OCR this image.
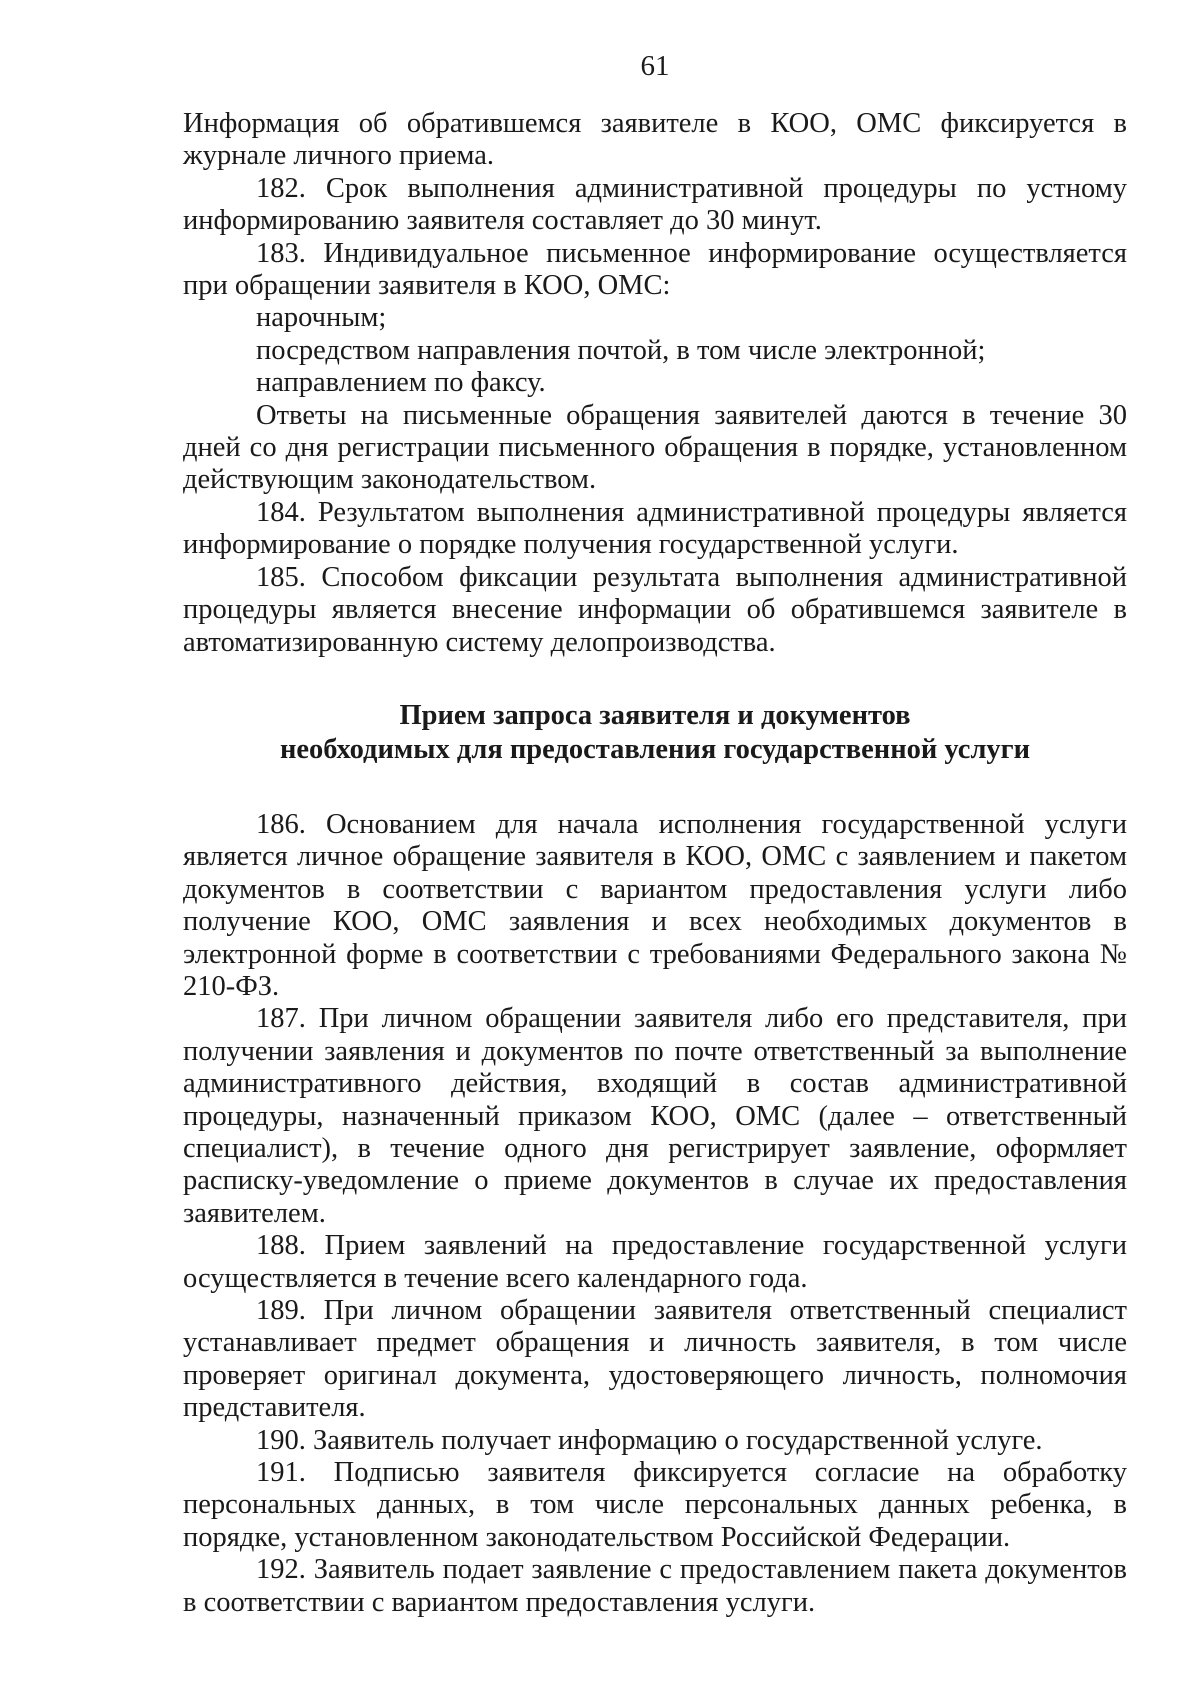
61

Информация об обратившемся заявителе в КОО, ОМС фиксируется в журнале личного приема.

182. Срок выполнения административной процедуры по устному информированию заявителя составляет до 30 минут.

183. Индивидуальное письменное информирование осуществляется при обращении заявителя в КОО, ОМС:

нарочным;

посредством направления почтой, в том числе электронной;

направлением по факсу.

Ответы на письменные обращения заявителей даются в течение 30 дней со дня регистрации письменного обращения в порядке, установленном действующим законодательством.

184. Результатом выполнения административной процедуры является информирование о порядке получения государственной услуги.

185. Способом фиксации результата выполнения административной процедуры является внесение информации об обратившемся заявителе в автоматизированную систему делопроизводства.

Прием запроса заявителя и документов
необходимых для предоставления государственной услуги

186. Основанием для начала исполнения государственной услуги является личное обращение заявителя в КОО, ОМС с заявлением и пакетом документов в соответствии с вариантом предоставления услуги либо получение КОО, ОМС заявления и всех необходимых документов в электронной форме в соответствии с требованиями Федерального закона № 210-ФЗ.

187. При личном обращении заявителя либо его представителя, при получении заявления и документов по почте ответственный за выполнение административного действия, входящий в состав административной процедуры, назначенный приказом КОО, ОМС (далее – ответственный специалист), в течение одного дня регистрирует заявление, оформляет расписку-уведомление о приеме документов в случае их предоставления заявителем.

188. Прием заявлений на предоставление государственной услуги осуществляется в течение всего календарного года.

189. При личном обращении заявителя ответственный специалист устанавливает предмет обращения и личность заявителя, в том числе проверяет оригинал документа, удостоверяющего личность, полномочия представителя.

190. Заявитель получает информацию о государственной услуге.

191. Подписью заявителя фиксируется согласие на обработку персональных данных, в том числе персональных данных ребенка, в порядке, установленном законодательством Российской Федерации.

192. Заявитель подает заявление с предоставлением пакета документов в соответствии с вариантом предоставления услуги.
